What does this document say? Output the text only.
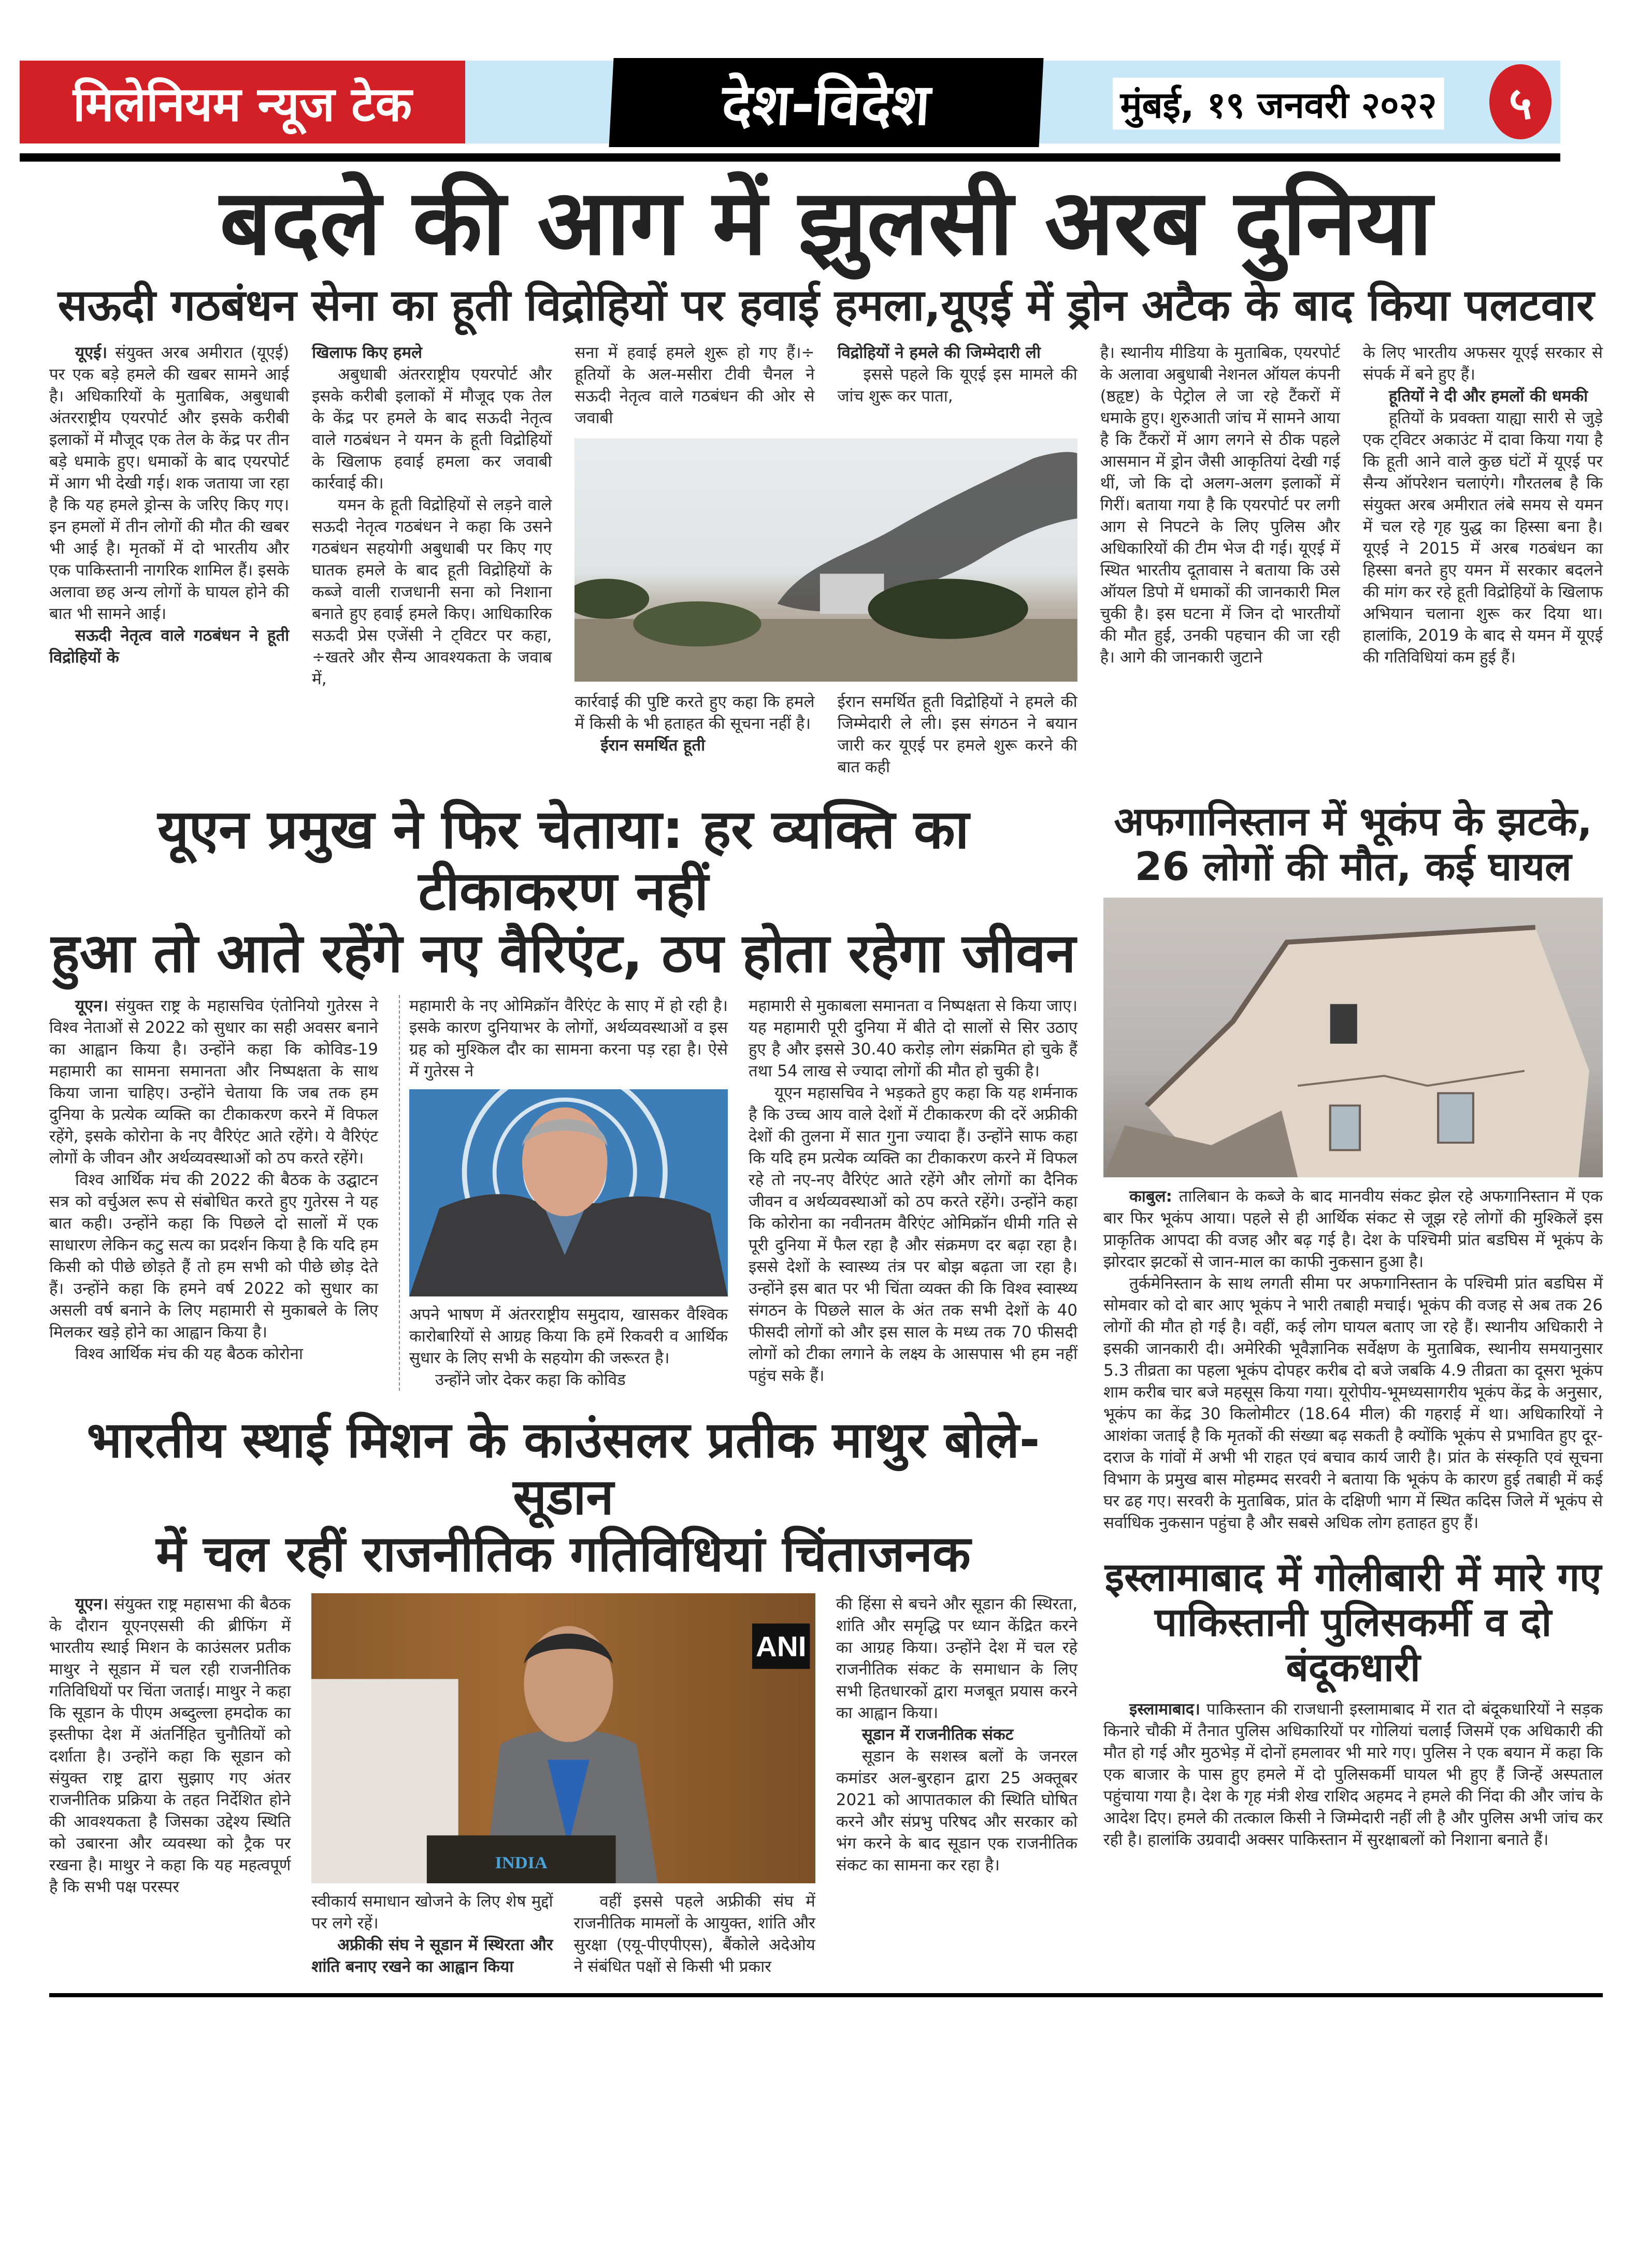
मिलेनियम न्यूज टेक	देश-विदेश	मुंबई, १९ जनवरी २०२२	५
बदले की आग में झुलसी अरब दुनिया
सऊदी गठबंधन सेना का हूती विद्रोहियों पर हवाई हमला,यूएई में ड्रोन अटैक के बाद किया पलटवार

यूएई। संयुक्त अरब अमीरात (यूएई) पर एक बड़े हमले की खबर सामने आई है। अधिकारियों के मुताबिक, अबुधाबी अंतरराष्ट्रीय एयरपोर्ट और इसके करीबी इलाकों में मौजूद एक तेल के केंद्र पर तीन बड़े धमाके हुए। धमाकों के बाद एयरपोर्ट में आग भी देखी गई। शक जताया जा रहा है कि यह हमले ड्रोन्स के जरिए किए गए। इन हमलों में तीन लोगों की मौत की खबर भी आई है। मृतकों में दो भारतीय और एक पाकिस्तानी नागरिक शामिल हैं। इसके अलावा छह अन्य लोगों के घायल होने की बात भी सामने आई।

सऊदी नेतृत्व वाले गठबंधन ने हूती विद्रोहियों के
खिलाफ किए हमले

अबुधाबी अंतरराष्ट्रीय एयरपोर्ट और इसके करीबी इलाकों में मौजूद एक तेल के केंद्र पर हमले के बाद सऊदी नेतृत्व वाले गठबंधन ने यमन के हूती विद्रोहियों के खिलाफ हवाई हमला कर जवाबी कार्रवाई की।

यमन के हूती विद्रोहियों से लड़ने वाले सऊदी नेतृत्व गठबंधन ने कहा कि उसने गठबंधन सहयोगी अबुधाबी पर किए गए घातक हमले के बाद हूती विद्रोहियों के कब्जे वाली राजधानी सना को निशाना बनाते हुए हवाई हमले किए। आधिकारिक सऊदी प्रेस एजेंसी ने ट्विटर पर कहा, ÷खतरे और सैन्य आवश्यकता के जवाब में,

सना में हवाई हमले शुरू हो गए हैं।÷ हूतियों के अल-मसीरा टीवी चैनल ने सऊदी नेतृत्व वाले गठबंधन की ओर से जवाबी

विद्रोहियों ने हमले की जिम्मेदारी ली

इससे पहले कि यूएई इस मामले की जांच शुरू कर पाता,

कार्रवाई की पुष्टि करते हुए कहा कि हमले में किसी के भी हताहत की सूचना नहीं है।

ईरान समर्थित हूती

ईरान समर्थित हूती विद्रोहियों ने हमले की जिम्मेदारी ले ली। इस संगठन ने बयान जारी कर यूएई पर हमले शुरू करने की बात कही

है। स्थानीय मीडिया के मुताबिक, एयरपोर्ट के अलावा अबुधाबी नेशनल ऑयल कंपनी (ष्ठहृष्ट) के पेट्रोल ले जा रहे टैंकरों में धमाके हुए। शुरुआती जांच में सामने आया है कि टैंकरों में आग लगने से ठीक पहले आसमान में ड्रोन जैसी आकृतियां देखी गई थीं, जो कि दो अलग-अलग इलाकों में गिरीं। बताया गया है कि एयरपोर्ट पर लगी आग से निपटने के लिए पुलिस और अधिकारियों की टीम भेज दी गई। यूएई में स्थित भारतीय दूतावास ने बताया कि उसे ऑयल डिपो में धमाकों की जानकारी मिल चुकी है। इस घटना में जिन दो भारतीयों की मौत हुई, उनकी पहचान की जा रही है। आगे की जानकारी जुटाने

के लिए भारतीय अफसर यूएई सरकार से संपर्क में बने हुए हैं।

हूतियों ने दी और हमलों की धमकी

हूतियों के प्रवक्ता याह्या सारी से जुड़े एक ट्विटर अकाउंट में दावा किया गया है कि हूती आने वाले कुछ घंटों में यूएई पर सैन्य ऑपरेशन चलाएंगे। गौरतलब है कि संयुक्त अरब अमीरात लंबे समय से यमन में चल रहे गृह युद्ध का हिस्सा बना है। यूएई ने 2015 में अरब गठबंधन का हिस्सा बनते हुए यमन में सरकार बदलने की मांग कर रहे हूती विद्रोहियों के खिलाफ अभियान चलाना शुरू कर दिया था। हालांकि, 2019 के बाद से यमन में यूएई की गतिविधियां कम हुई हैं।

यूएन प्रमुख ने फिर चेताया: हर व्यक्ति का टीकाकरण नहीं
हुआ तो आते रहेंगे नए वैरिएंट, ठप होता रहेगा जीवन

यूएन। संयुक्त राष्ट्र के महासचिव एंतोनियो गुतेरस ने विश्व नेताओं से 2022 को सुधार का सही अवसर बनाने का आह्वान किया है। उन्होंने कहा कि कोविड-19 महामारी का सामना समानता और निष्पक्षता के साथ किया जाना चाहिए। उन्होंने चेताया कि जब तक हम दुनिया के प्रत्येक व्यक्ति का टीकाकरण करने में विफल रहेंगे, इसके कोरोना के नए वैरिएंट आते रहेंगे। ये वैरिएंट लोगों के जीवन और अर्थव्यवस्थाओं को ठप करते रहेंगे।

विश्व आर्थिक मंच की 2022 की बैठक के उद्घाटन सत्र को वर्चुअल रूप से संबोधित करते हुए गुतेरस ने यह बात कही। उन्होंने कहा कि पिछले दो सालों में एक साधारण लेकिन कटु सत्य का प्रदर्शन किया है कि यदि हम किसी को पीछे छोड़ते हैं तो हम सभी को पीछे छोड़ देते हैं। उन्होंने कहा कि हमने वर्ष 2022 को सुधार का असली वर्ष बनाने के लिए महामारी से मुकाबले के लिए मिलकर खड़े होने का आह्वान किया है।

विश्व आर्थिक मंच की यह बैठक कोरोना

महामारी के नए ओमिक्रॉन वैरिएंट के साए में हो रही है। इसके कारण दुनियाभर के लोगों, अर्थव्यवस्थाओं व इस ग्रह को मुश्किल दौर का सामना करना पड़ रहा है। ऐसे में गुतेरस ने

अपने भाषण में अंतरराष्ट्रीय समुदाय, खासकर वैश्विक कारोबारियों से आग्रह किया कि हमें रिकवरी व आर्थिक सुधार के लिए सभी के सहयोग की जरूरत है।

उन्होंने जोर देकर कहा कि कोविड

महामारी से मुकाबला समानता व निष्पक्षता से किया जाए। यह महामारी पूरी दुनिया में बीते दो सालों से सिर उठाए हुए है और इससे 30.40 करोड़ लोग संक्रमित हो चुके हैं तथा 54 लाख से ज्यादा लोगों की मौत हो चुकी है।

यूएन महासचिव ने भड़कते हुए कहा कि यह शर्मनाक है कि उच्च आय वाले देशों में टीकाकरण की दरें अफ्रीकी देशों की तुलना में सात गुना ज्यादा हैं। उन्होंने साफ कहा कि यदि हम प्रत्येक व्यक्ति का टीकाकरण करने में विफल रहे तो नए-नए वैरिएंट आते रहेंगे और लोगों का दैनिक जीवन व अर्थव्यवस्थाओं को ठप करते रहेंगे। उन्होंने कहा कि कोरोना का नवीनतम वैरिएंट ओमिक्रॉन धीमी गति से पूरी दुनिया में फैल रहा है और संक्रमण दर बढ़ा रहा है। इससे देशों के स्वास्थ्य तंत्र पर बोझ बढ़ता जा रहा है। उन्होंने इस बात पर भी चिंता व्यक्त की कि विश्व स्वास्थ्य संगठन के पिछले साल के अंत तक सभी देशों के 40 फीसदी लोगों को और इस साल के मध्य तक 70 फीसदी लोगों को टीका लगाने के लक्ष्य के आसपास भी हम नहीं पहुंच सके हैं।

भारतीय स्थाई मिशन के काउंसलर प्रतीक माथुर बोले- सूडान
में चल रहीं राजनीतिक गतिविधियां चिंताजनक

यूएन। संयुक्त राष्ट्र महासभा की बैठक के दौरान यूएनएससी की ब्रीफिंग में भारतीय स्थाई मिशन के काउंसलर प्रतीक माथुर ने सूडान में चल रही राजनीतिक गतिविधियों पर चिंता जताई। माथुर ने कहा कि सूडान के पीएम अब्दुल्ला हमदोक का इस्तीफा देश में अंतर्निहित चुनौतियों को दर्शाता है। उन्होंने कहा कि सूडान को संयुक्त राष्ट्र द्वारा सुझाए गए अंतर राजनीतिक प्रक्रिया के तहत निर्देशित होने की आवश्यकता है जिसका उद्देश्य स्थिति को उबारना और व्यवस्था को ट्रैक पर रखना है। माथुर ने कहा कि यह महत्वपूर्ण है कि सभी पक्ष परस्पर

ANI
INDIA

स्वीकार्य समाधान खोजने के लिए शेष मुद्दों पर लगे रहें।

अफ्रीकी संघ ने सूडान में स्थिरता और शांति बनाए रखने का आह्वान किया

वहीं इससे पहले अफ्रीकी संघ में राजनीतिक मामलों के आयुक्त, शांति और सुरक्षा (एयू-पीएपीएस), बैंकोले अदेओय ने संबंधित पक्षों से किसी भी प्रकार

की हिंसा से बचने और सूडान की स्थिरता, शांति और समृद्धि पर ध्यान केंद्रित करने का आग्रह किया। उन्होंने देश में चल रहे राजनीतिक संकट के समाधान के लिए सभी हितधारकों द्वारा मजबूत प्रयास करने का आह्वान किया।

सूडान में राजनीतिक संकट

सूडान के सशस्त्र बलों के जनरल कमांडर अल-बुरहान द्वारा 25 अक्तूबर 2021 को आपातकाल की स्थिति घोषित करने और संप्रभु परिषद और सरकार को भंग करने के बाद सूडान एक राजनीतिक संकट का सामना कर रहा है।

अफगानिस्तान में भूकंप के झटके,
26 लोगों की मौत, कई घायल

काबुल: तालिबान के कब्जे के बाद मानवीय संकट झेल रहे अफगानिस्तान में एक बार फिर भूकंप आया। पहले से ही आर्थिक संकट से जूझ रहे लोगों की मुश्किलें इस प्राकृतिक आपदा की वजह और बढ़ गई है। देश के पश्चिमी प्रांत बडघिस में भूकंप के झोरदार झटकों से जान-माल का काफी नुकसान हुआ है।

तुर्कमेनिस्तान के साथ लगती सीमा पर अफगानिस्तान के पश्चिमी प्रांत बडघिस में सोमवार को दो बार आए भूकंप ने भारी तबाही मचाई। भूकंप की वजह से अब तक 26 लोगों की मौत हो गई है। वहीं, कई लोग घायल बताए जा रहे हैं। स्थानीय अधिकारी ने इसकी जानकारी दी। अमेरिकी भूवैज्ञानिक सर्वेक्षण के मुताबिक, स्थानीय समयानुसार 5.3 तीव्रता का पहला भूकंप दोपहर करीब दो बजे जबकि 4.9 तीव्रता का दूसरा भूकंप शाम करीब चार बजे महसूस किया गया। यूरोपीय-भूमध्यसागरीय भूकंप केंद्र के अनुसार, भूकंप का केंद्र 30 किलोमीटर (18.64 मील) की गहराई में था। अधिकारियों ने आशंका जताई है कि मृतकों की संख्या बढ़ सकती है क्योंकि भूकंप से प्रभावित हुए दूर-दराज के गांवों में अभी भी राहत एवं बचाव कार्य जारी है। प्रांत के संस्कृति एवं सूचना विभाग के प्रमुख बास मोहम्मद सरवरी ने बताया कि भूकंप के कारण हुई तबाही में कई घर ढह गए। सरवरी के मुताबिक, प्रांत के दक्षिणी भाग में स्थित कदिस जिले में भूकंप से सर्वाधिक नुकसान पहुंचा है और सबसे अधिक लोग हताहत हुए हैं।

इस्लामाबाद में गोलीबारी में मारे गए
पाकिस्तानी पुलिसकर्मी व दो बंदूकधारी

इस्लामाबाद। पाकिस्तान की राजधानी इस्लामाबाद में रात दो बंदूकधारियों ने सड़क किनारे चौकी में तैनात पुलिस अधिकारियों पर गोलियां चलाईं जिसमें एक अधिकारी की मौत हो गई और मुठभेड़ में दोनों हमलावर भी मारे गए। पुलिस ने एक बयान में कहा कि एक बाजार के पास हुए हमले में दो पुलिसकर्मी घायल भी हुए हैं जिन्हें अस्पताल पहुंचाया गया है। देश के गृह मंत्री शेख राशिद अहमद ने हमले की निंदा की और जांच के आदेश दिए। हमले की तत्काल किसी ने जिम्मेदारी नहीं ली है और पुलिस अभी जांच कर रही है। हालांकि उग्रवादी अक्सर पाकिस्तान में सुरक्षाबलों को निशाना बनाते हैं।
